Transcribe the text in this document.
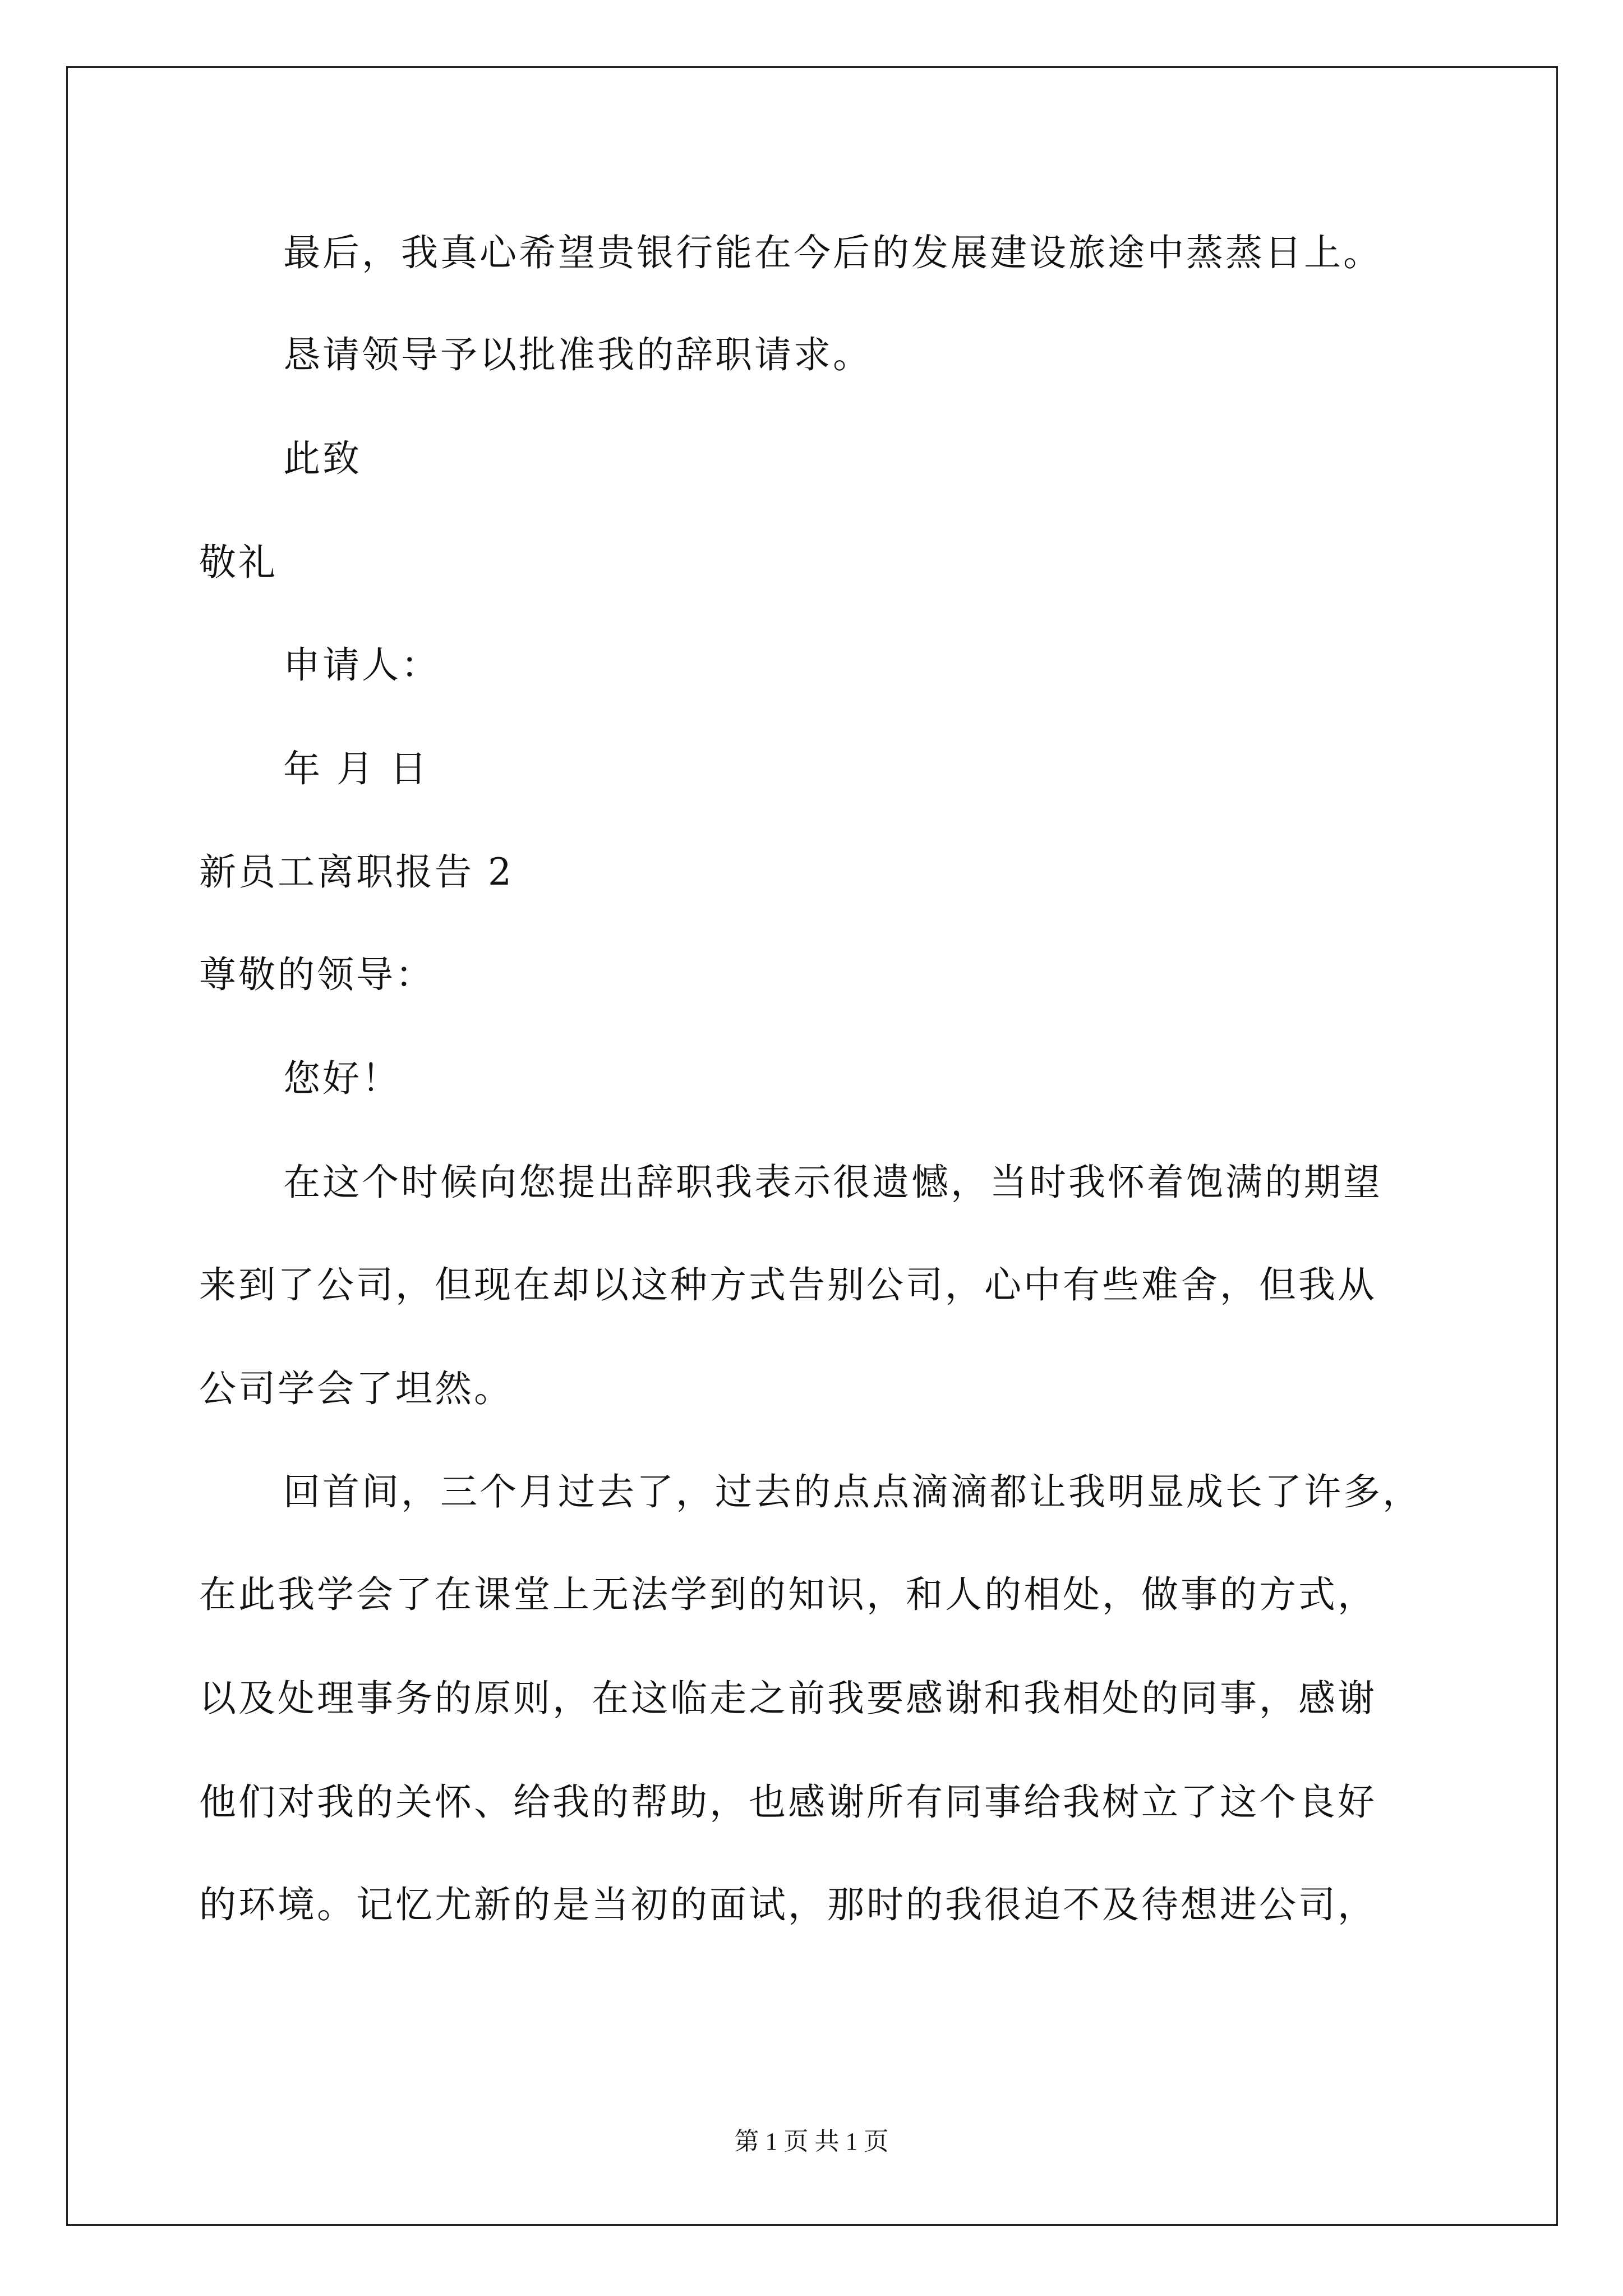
最后，我真心希望贵银行能在今后的发展建设旅途中蒸蒸日上。
恳请领导予以批准我的辞职请求。
此致
敬礼
申请人：
年 月 日
新员工离职报告 2
尊敬的领导：
您好！
在这个时候向您提出辞职我表示很遗憾，当时我怀着饱满的期望
来到了公司，但现在却以这种方式告别公司，心中有些难舍，但我从
公司学会了坦然。
回首间，三个月过去了，过去的点点滴滴都让我明显成长了许多，
在此我学会了在课堂上无法学到的知识，和人的相处，做事的方式，
以及处理事务的原则，在这临走之前我要感谢和我相处的同事，感谢
他们对我的关怀、给我的帮助，也感谢所有同事给我树立了这个良好
的环境。记忆尤新的是当初的面试，那时的我很迫不及待想进公司，
第 1 页 共 1 页
